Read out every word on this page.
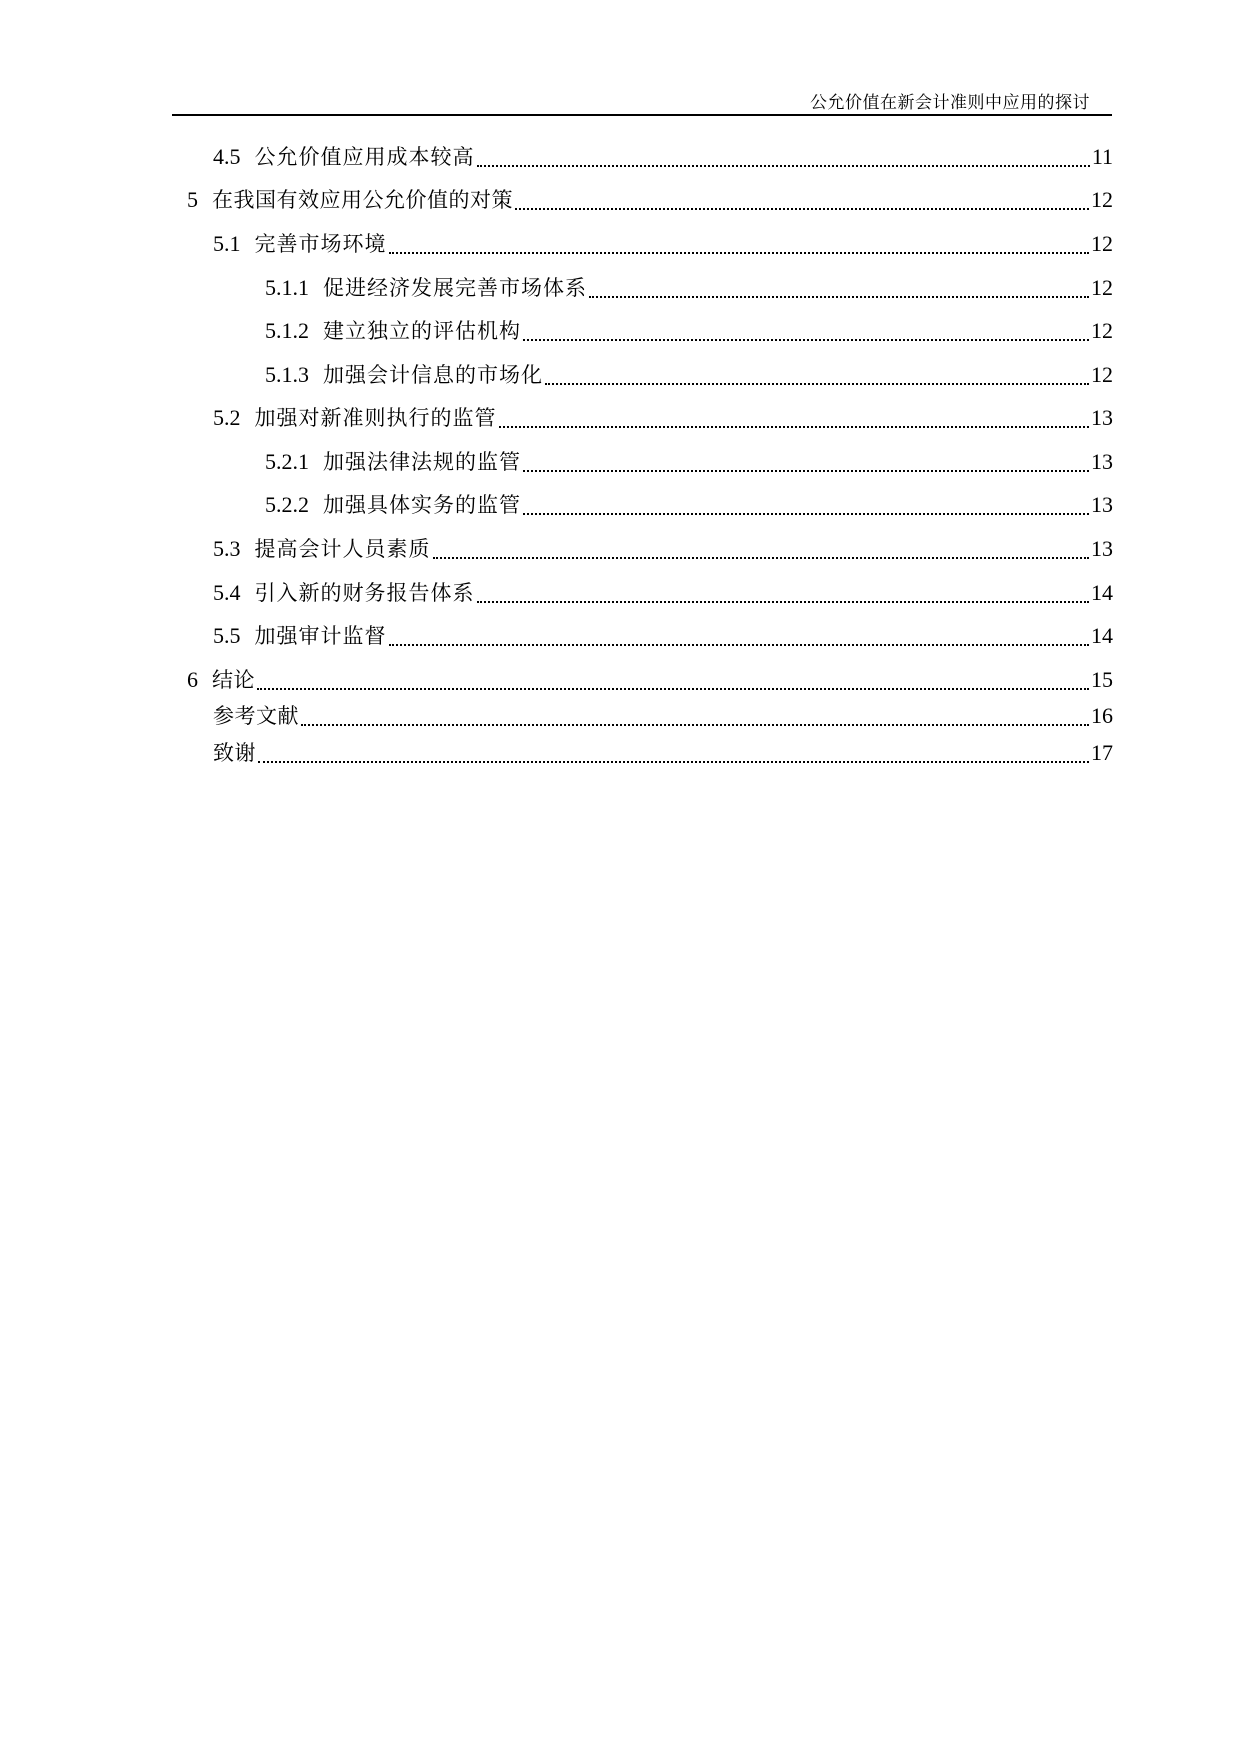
公允价值在新会计准则中应用的探讨
4.5 公允价值应用成本较高	11
5 在我国有效应用公允价值的对策	12
5.1 完善市场环境	12
5.1.1 促进经济发展完善市场体系	12
5.1.2 建立独立的评估机构	12
5.1.3 加强会计信息的市场化	12
5.2 加强对新准则执行的监管	13
5.2.1 加强法律法规的监管	13
5.2.2 加强具体实务的监管	13
5.3 提高会计人员素质	13
5.4 引入新的财务报告体系	14
5.5 加强审计监督	14
6 结论	15
参考文献	16
致谢	17
